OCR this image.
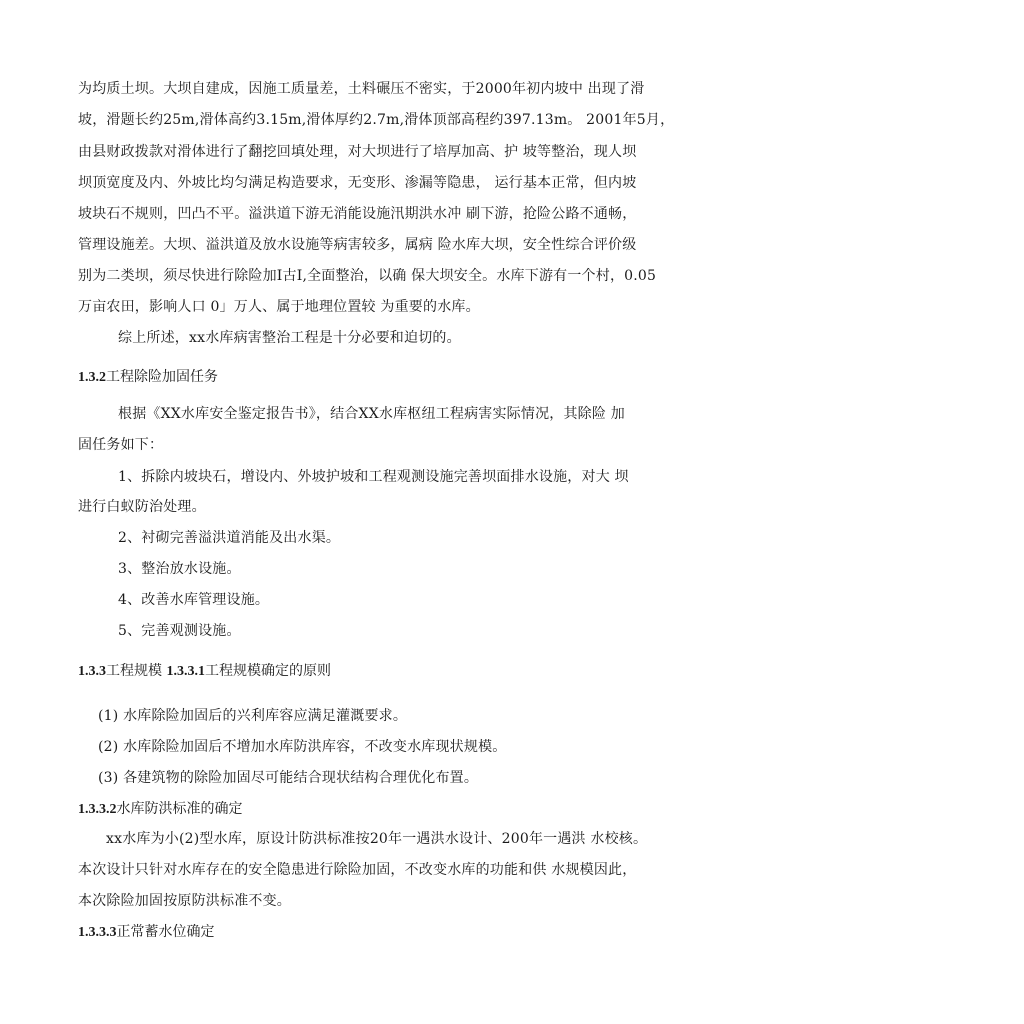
为均质土坝。大坝自建成，因施工质量差，土料碾压不密实，于2000年初内坡中 出现了滑
坡，滑题长约25m,滑体高约3.15m,滑体厚约2.7m,滑体顶部高程约397.13m。 2001年5月，
由县财政拨款对滑体进行了翻挖回填处理，对大坝进行了培厚加高、护 坡等整治，现人坝
坝顶宽度及内、外坡比均匀满足构造要求，无变形、渗漏等隐患， 运行基本正常，但内坡
坡块石不规则，凹凸不平。溢洪道下游无消能设施汛期洪水冲 刷下游，抢险公路不通畅，
管理设施差。大坝、溢洪道及放水设施等病害较多，属病 险水库大坝，安全性综合评价级
别为二类坝，须尽快进行除险加I古I,全面整治，以确 保大坝安全。水库下游有一个村，0.05
万亩农田，影响人口 0」万人、属于地理位置较 为重要的水库。
综上所述，xx水库病害整治工程是十分必要和迫切的。
1.3.2工程除险加固任务
根据《XX水库安全鉴定报告书》，结合XX水库枢纽工程病害实际情况，其除险 加
固任务如下：
1、拆除内坡块石，增设内、外坡护坡和工程观测设施完善坝面排水设施，对大 坝
进行白蚁防治处理。
2、衬砌完善溢洪道消能及出水渠。
3、整治放水设施。
4、改善水库管理设施。
5、完善观测设施。
1.3.3工程规模 1.3.3.1工程规模确定的原则
(1) 水库除险加固后的兴利库容应满足灌溉要求。
(2) 水库除险加固后不增加水库防洪库容，不改变水库现状规模。
(3) 各建筑物的除险加固尽可能结合现状结构合理优化布置。
1.3.3.2水库防洪标准的确定
xx水库为小(2)型水库，原设计防洪标准按20年一遇洪水设计、200年一遇洪 水校核。
本次设计只针对水库存在的安全隐患进行除险加固，不改变水库的功能和供 水规模因此，
本次除险加固按原防洪标准不变。
1.3.3.3正常蓄水位确定
